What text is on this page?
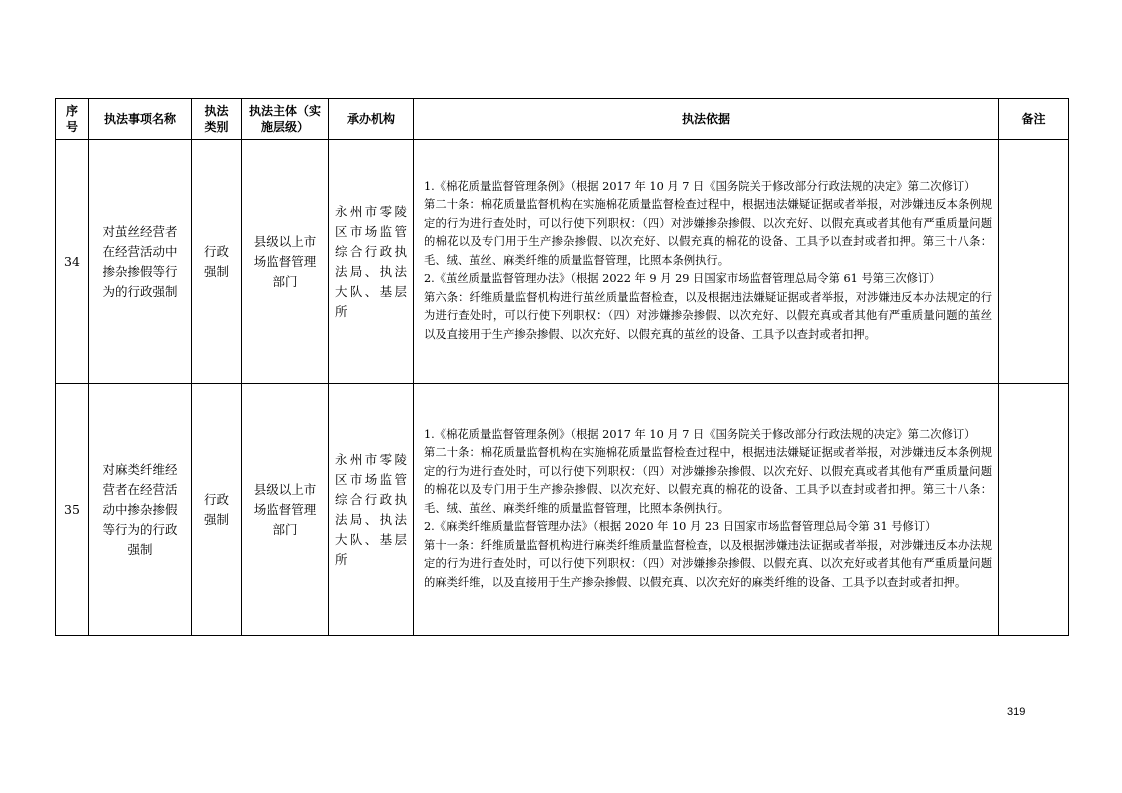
序号	执法事项名称	执法类别	执法主体（实施层级）	承办机构	执法依据	备注
34	对茧丝经营者在经营活动中掺杂掺假等行为的行政强制	行政强制	县级以上市场监督管理部门	永州市零陵区市场监管综合行政执法局、执法大队、基层所	1.《棉花质量监督管理条例》（根据 2017 年 10 月 7 日《国务院关于修改部分行政法规的决定》第二次修订）
第二十条：棉花质量监督机构在实施棉花质量监督检查过程中，根据违法嫌疑证据或者举报，对涉嫌违反本条例规定的行为进行查处时，可以行使下列职权：（四）对涉嫌掺杂掺假、以次充好、以假充真或者其他有严重质量问题的棉花以及专门用于生产掺杂掺假、以次充好、以假充真的棉花的设备、工具予以查封或者扣押。第三十八条：毛、绒、茧丝、麻类纤维的质量监督管理，比照本条例执行。
2.《茧丝质量监督管理办法》（根据 2022 年 9 月 29 日国家市场监督管理总局令第 61 号第三次修订）
第六条：纤维质量监督机构进行茧丝质量监督检查，以及根据违法嫌疑证据或者举报，对涉嫌违反本办法规定的行为进行查处时，可以行使下列职权：（四）对涉嫌掺杂掺假、以次充好、以假充真或者其他有严重质量问题的茧丝以及直接用于生产掺杂掺假、以次充好、以假充真的茧丝的设备、工具予以查封或者扣押。	

35	对麻类纤维经营者在经营活动中掺杂掺假等行为的行政强制	行政强制	县级以上市场监督管理部门	永州市零陵区市场监管综合行政执法局、执法大队、基层所	1.《棉花质量监督管理条例》（根据 2017 年 10 月 7 日《国务院关于修改部分行政法规的决定》第二次修订）
第二十条：棉花质量监督机构在实施棉花质量监督检查过程中，根据违法嫌疑证据或者举报，对涉嫌违反本条例规定的行为进行查处时，可以行使下列职权：（四）对涉嫌掺杂掺假、以次充好、以假充真或者其他有严重质量问题的棉花以及专门用于生产掺杂掺假、以次充好、以假充真的棉花的设备、工具予以查封或者扣押。第三十八条：毛、绒、茧丝、麻类纤维的质量监督管理，比照本条例执行。
2.《麻类纤维质量监督管理办法》（根据 2020 年 10 月 23 日国家市场监督管理总局令第 31 号修订）
第十一条：纤维质量监督机构进行麻类纤维质量监督检查，以及根据涉嫌违法证据或者举报，对涉嫌违反本办法规定的行为进行查处时，可以行使下列职权：（四）对涉嫌掺杂掺假、以假充真、以次充好或者其他有严重质量问题的麻类纤维，以及直接用于生产掺杂掺假、以假充真、以次充好的麻类纤维的设备、工具予以查封或者扣押。	

319
